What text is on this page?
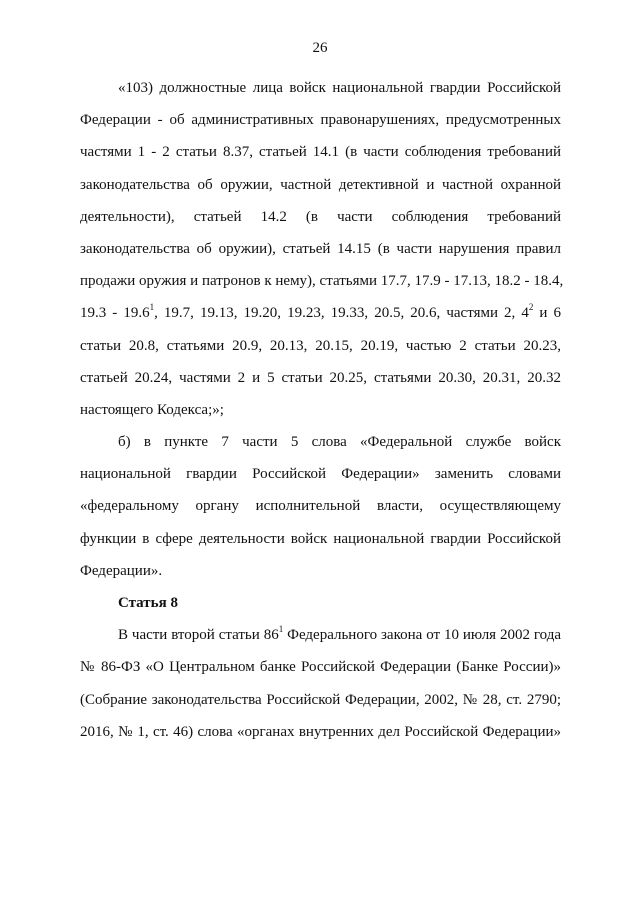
26
«103) должностные лица войск национальной гвардии Российской
Федерации - об административных правонарушениях, предусмотренных
частями 1 - 2 статьи 8.37, статьей 14.1 (в части соблюдения требований
законодательства об оружии, частной детективной и частной охранной
деятельности), статьей 14.2 (в части соблюдения требований
законодательства об оружии), статьей 14.15 (в части нарушения правил
продажи оружия и патронов к нему), статьями 17.7, 17.9 - 17.13, 18.2 - 18.4,
19.3 - 19.6$^1$, 19.7, 19.13, 19.20, 19.23, 19.33, 20.5, 20.6, частями 2, $4^2$ и 6
статьи 20.8, статьями 20.9, 20.13, 20.15, 20.19, частью 2 статьи 20.23,
статьей 20.24, частями 2 и 5 статьи 20.25, статьями 20.30, 20.31, 20.32
настоящего Кодекса;»;
б) в пункте 7 части 5 слова «Федеральной службе войск
национальной гвардии Российской Федерации» заменить словами
«федеральному органу исполнительной власти, осуществляющему
функции в сфере деятельности войск национальной гвардии Российской
Федерации».
Статья 8
В части второй статьи $86^1$ Федерального закона от 10 июля 2002 года
№ 86-ФЗ «О Центральном банке Российской Федерации (Банке России)»
(Собрание законодательства Российской Федерации, 2002, № 28, ст. 2790;
2016, № 1, ст. 46) слова «органах внутренних дел Российской Федерации»
